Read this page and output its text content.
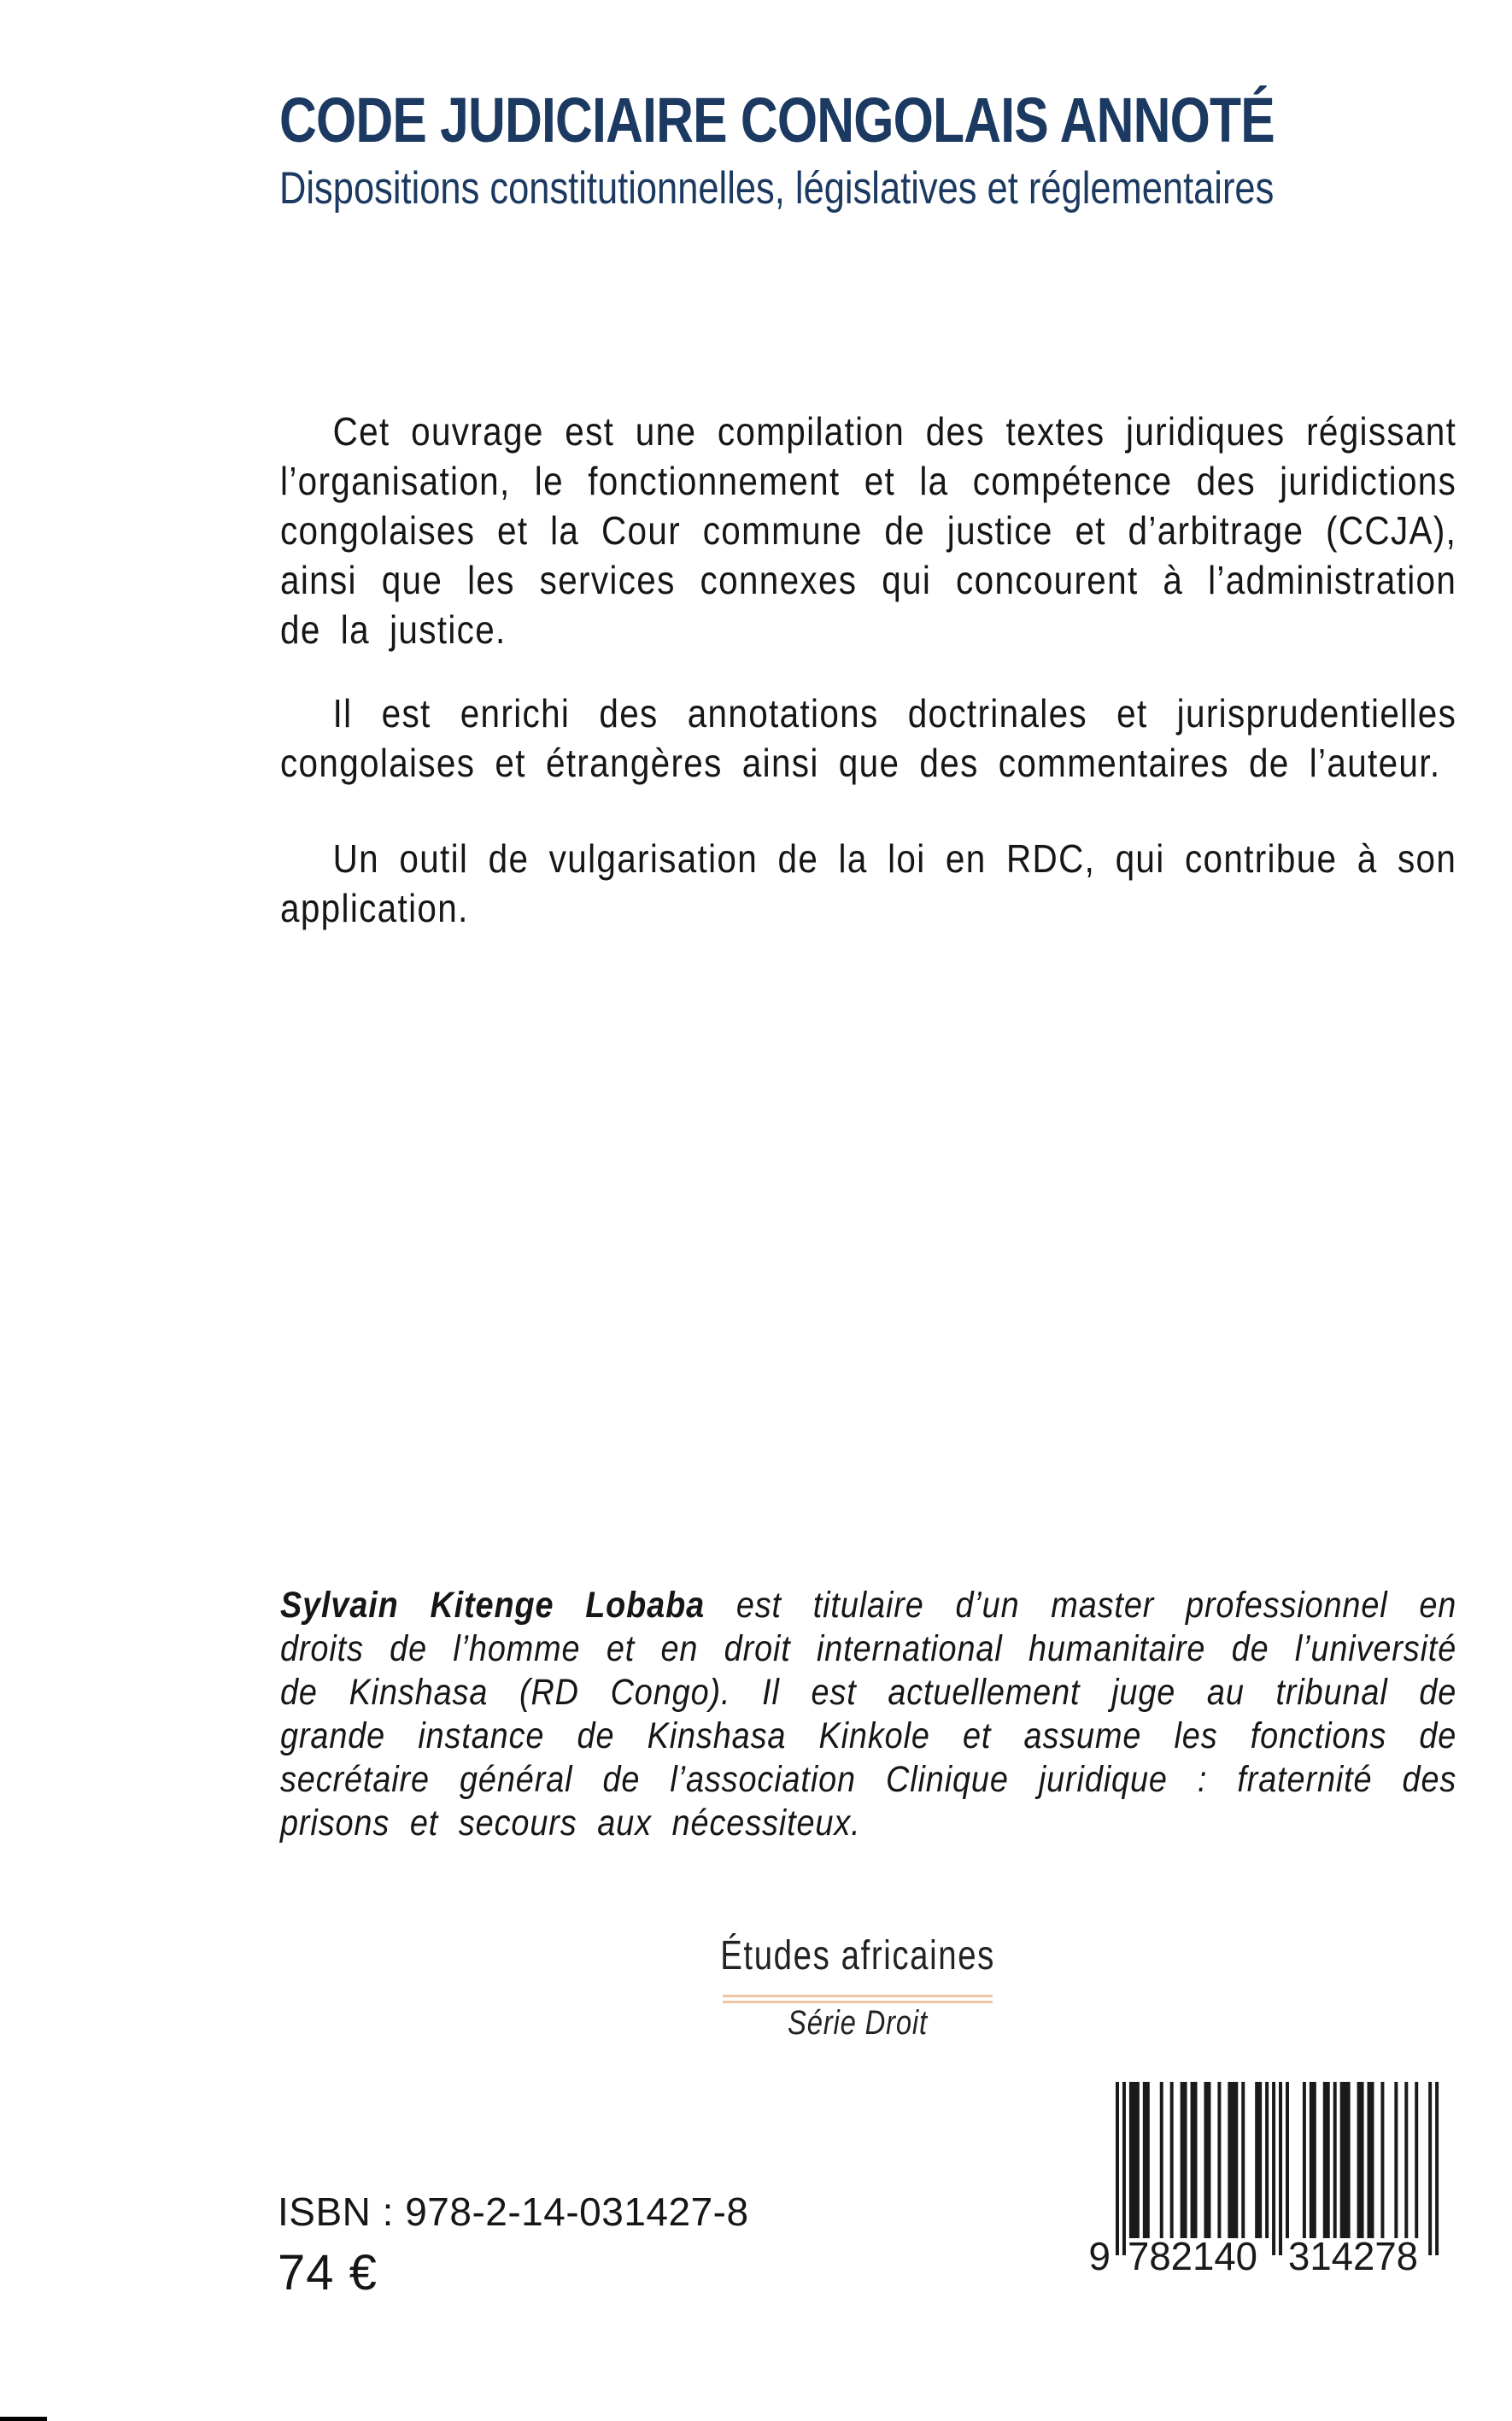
CODE JUDICIAIRE CONGOLAIS ANNOTÉ
Dispositions constitutionnelles, législatives et réglementaires

Cet ouvrage est une compilation des textes juridiques régissant l’organisation, le fonctionnement et la compétence des juridictions congolaises et la Cour commune de justice et d’arbitrage (CCJA), ainsi que les services connexes qui concourent à l’administration de la justice.

Il est enrichi des annotations doctrinales et jurisprudentielles congolaises et étrangères ainsi que des commentaires de l’auteur.

Un outil de vulgarisation de la loi en RDC, qui contribue à son application.

Sylvain Kitenge Lobaba est titulaire d’un master professionnel en droits de l’homme et en droit international humanitaire de l’université de Kinshasa (RD Congo). Il est actuellement juge au tribunal de grande instance de Kinshasa Kinkole et assume les fonctions de secrétaire général de l’association Clinique juridique : fraternité des prisons et secours aux nécessiteux.

Études africaines
Série Droit
ISBN : 978-2-14-031427-8
74 €	9 782140 314278
